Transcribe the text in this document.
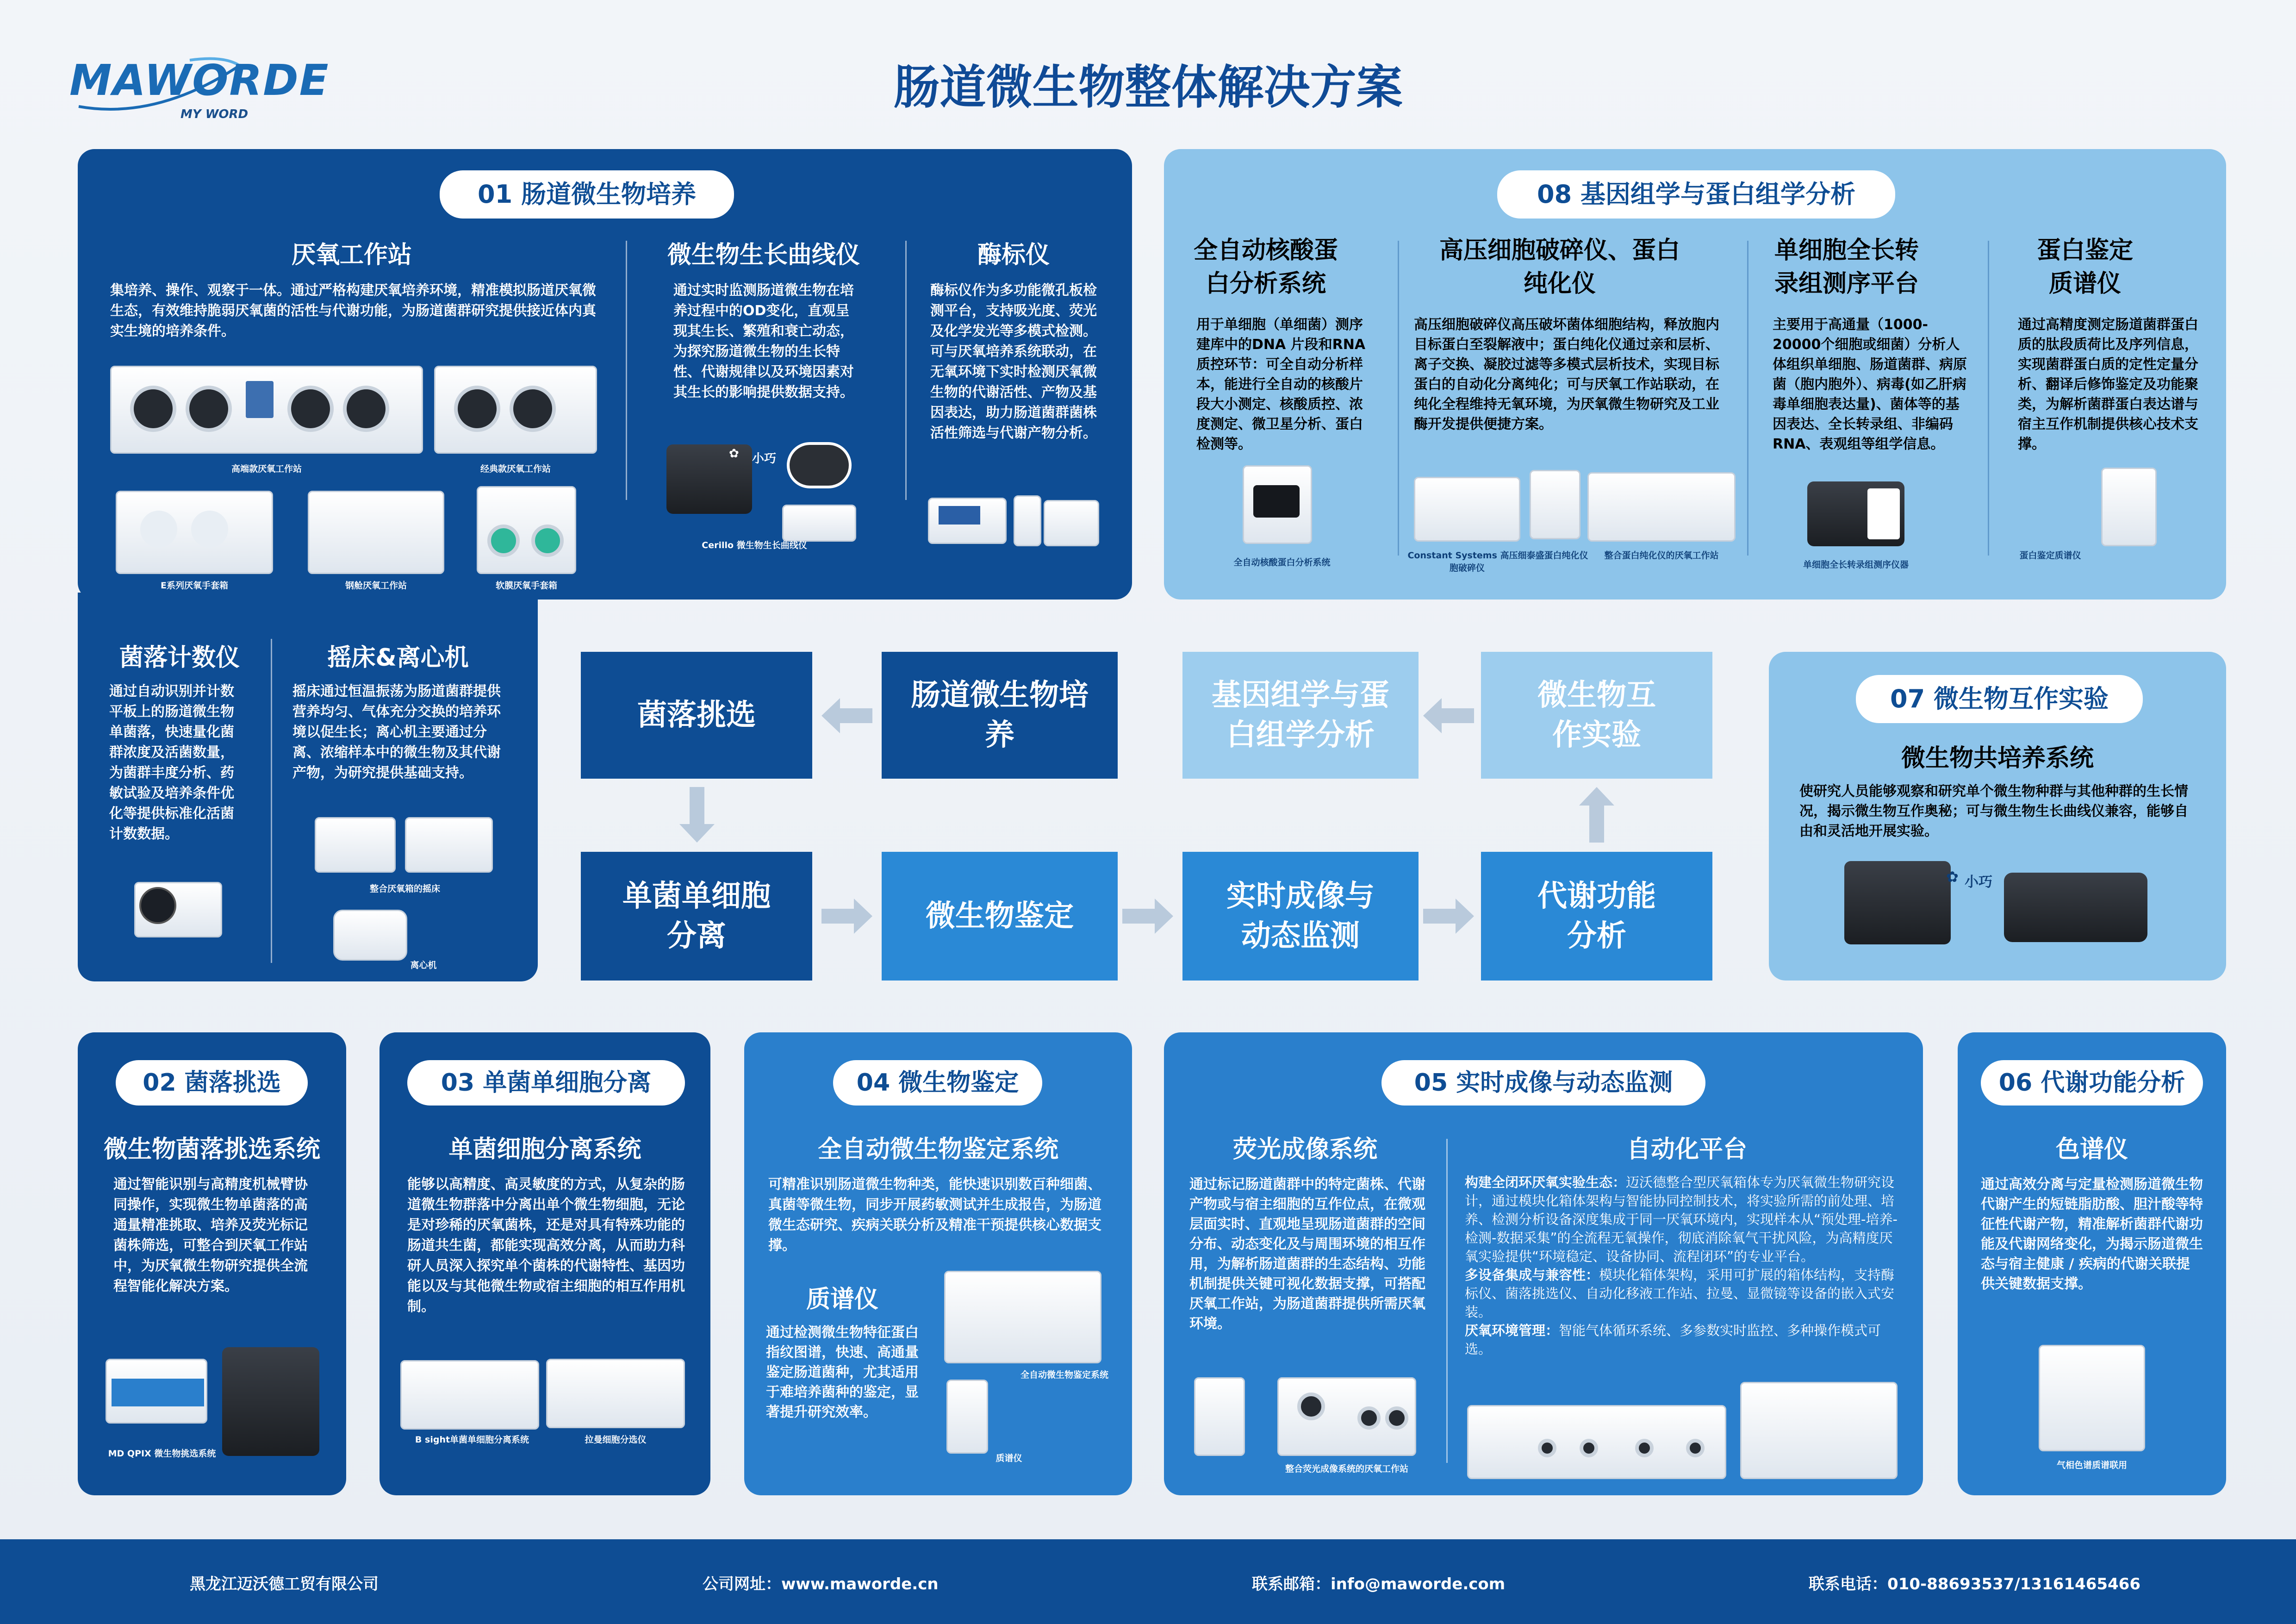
MAWORDE
MY WORD	肠道微生物整体解决方案
01 肠道微生物培养
厌氧工作站
集培养、操作、观察于一体。通过严格构建厌氧培养环境，精准模拟肠道厌氧微生态，有效维持脆弱厌氧菌的活性与代谢功能，为肠道菌群研究提供接近体内真实生境的培养条件。
高端款厌氧工作站	经典款厌氧工作站
E系列厌氧手套箱	钢舱厌氧工作站	软膜厌氧手套箱
微生物生长曲线仪
通过实时监测肠道微生物在培养过程中的OD变化，直观呈现其生长、繁殖和衰亡动态，为探究肠道微生物的生长特性、代谢规律以及环境因素对其生长的影响提供数据支持。
✿ 小巧
Cerillo 微生物生长曲线仪
酶标仪
酶标仪作为多功能微孔板检测平台，支持吸光度、荧光及化学发光等多模式检测。可与厌氧培养系统联动，在无氧环境下实时检测厌氧微生物的代谢活性、产物及基因表达，助力肠道菌群菌株活性筛选与代谢产物分析。
菌落计数仪
通过自动识别并计数平板上的肠道微生物单菌落，快速量化菌群浓度及活菌数量，为菌群丰度分析、药敏试验及培养条件优化等提供标准化活菌计数数据。
摇床&离心机
摇床通过恒温振荡为肠道菌群提供营养均匀、气体充分交换的培养环境以促生长；离心机主要通过分离、浓缩样本中的微生物及其代谢产物，为研究提供基础支持。
整合厌氧箱的摇床
离心机
08 基因组学与蛋白组学分析
全自动核酸蛋白分析系统
用于单细胞（单细菌）测序建库中的DNA 片段和RNA 质控环节：可全自动分析样本，能进行全自动的核酸片段大小测定、核酸质控、浓度测定、微卫星分析、蛋白检测等。
全自动核酸蛋白分析系统
高压细胞破碎仪、蛋白纯化仪
高压细胞破碎仪高压破坏菌体细胞结构，释放胞内目标蛋白至裂解液中；蛋白纯化仪通过亲和层析、离子交换、凝胶过滤等多模式层析技术，实现目标蛋白的自动化分离纯化；可与厌氧工作站联动，在纯化全程维持无氧环境，为厌氧微生物研究及工业酶开发提供便捷方案。
Constant Systems 高压细胞破碎仪
泰盛蛋白纯化仪	整合蛋白纯化仪的厌氧工作站
单细胞全长转录组测序平台
主要用于高通量（1000-20000个细胞或细菌）分析人体组织单细胞、肠道菌群、病原菌（胞内胞外）、病毒(如乙肝病毒单细胞表达量)、菌体等的基因表达、全长转录组、非编码RNA、表观组等组学信息。
单细胞全长转录组测序仪器
蛋白鉴定质谱仪
通过高精度测定肠道菌群蛋白质的肽段质荷比及序列信息，实现菌群蛋白质的定性定量分析、翻译后修饰鉴定及功能聚类，为解析菌群蛋白表达谱与宿主互作机制提供核心技术支撑。
蛋白鉴定质谱仪
肠道微生物培养
菌落挑选
单菌单细胞分离
微生物鉴定
实时成像与动态监测
代谢功能分析
微生物互作实验
基因组学与蛋白组学分析
07 微生物互作实验
微生物共培养系统
使研究人员能够观察和研究单个微生物种群与其他种群的生长情况，揭示微生物互作奥秘；可与微生物生长曲线仪兼容，能够自由和灵活地开展实验。
✿ 小巧
02 菌落挑选
微生物菌落挑选系统
通过智能识别与高精度机械臂协同操作，实现微生物单菌落的高通量精准挑取、培养及荧光标记菌株筛选，可整合到厌氧工作站中，为厌氧微生物研究提供全流程智能化解决方案。
MD QPIX 微生物挑选系统
03 单菌单细胞分离
单菌细胞分离系统
能够以高精度、高灵敏度的方式，从复杂的肠道微生物群落中分离出单个微生物细胞，无论是对珍稀的厌氧菌株，还是对具有特殊功能的肠道共生菌，都能实现高效分离，从而助力科研人员深入探究单个菌株的代谢特性、基因功能以及与其他微生物或宿主细胞的相互作用机制。
B sight单菌单细胞分离系统	拉曼细胞分选仪
04 微生物鉴定
全自动微生物鉴定系统
可精准识别肠道微生物种类，能快速识别数百种细菌、真菌等微生物，同步开展药敏测试并生成报告，为肠道微生态研究、疾病关联分析及精准干预提供核心数据支撑。
质谱仪
通过检测微生物特征蛋白指纹图谱，快速、高通量鉴定肠道菌种，尤其适用于难培养菌种的鉴定，显著提升研究效率。
全自动微生物鉴定系统
质谱仪
05 实时成像与动态监测
荧光成像系统
通过标记肠道菌群中的特定菌株、代谢产物或与宿主细胞的互作位点，在微观层面实时、直观地呈现肠道菌群的空间分布、动态变化及与周围环境的相互作用，为解析肠道菌群的生态结构、功能机制提供关键可视化数据支撑，可搭配厌氧工作站，为肠道菌群提供所需厌氧环境。
整合荧光成像系统的厌氧工作站
自动化平台
构建全闭环厌氧实验生态：迈沃德整合型厌氧箱体专为厌氧微生物研究设计，通过模块化箱体架构与智能协同控制技术，将实验所需的前处理、培养、检测分析设备深度集成于同一厌氧环境内，实现样本从“预处理-培养-检测-数据采集”的全流程无氧操作，彻底消除氧气干扰风险，为高精度厌氧实验提供“环境稳定、设备协同、流程闭环”的专业平台。
多设备集成与兼容性：模块化箱体架构，采用可扩展的箱体结构，支持酶标仪、菌落挑选仪、自动化移液工作站、拉曼、显微镜等设备的嵌入式安装。
厌氧环境管理：智能气体循环系统、多参数实时监控、多种操作模式可选。
06 代谢功能分析
色谱仪
通过高效分离与定量检测肠道微生物代谢产生的短链脂肪酸、胆汁酸等特征性代谢产物，精准解析菌群代谢功能及代谢网络变化，为揭示肠道微生态与宿主健康 / 疾病的代谢关联提供关键数据支撑。
气相色谱质谱联用
黑龙江迈沃德工贸有限公司	公司网址：www.maworde.cn	联系邮箱：info@maworde.com	联系电话：010-88693537/13161465466
